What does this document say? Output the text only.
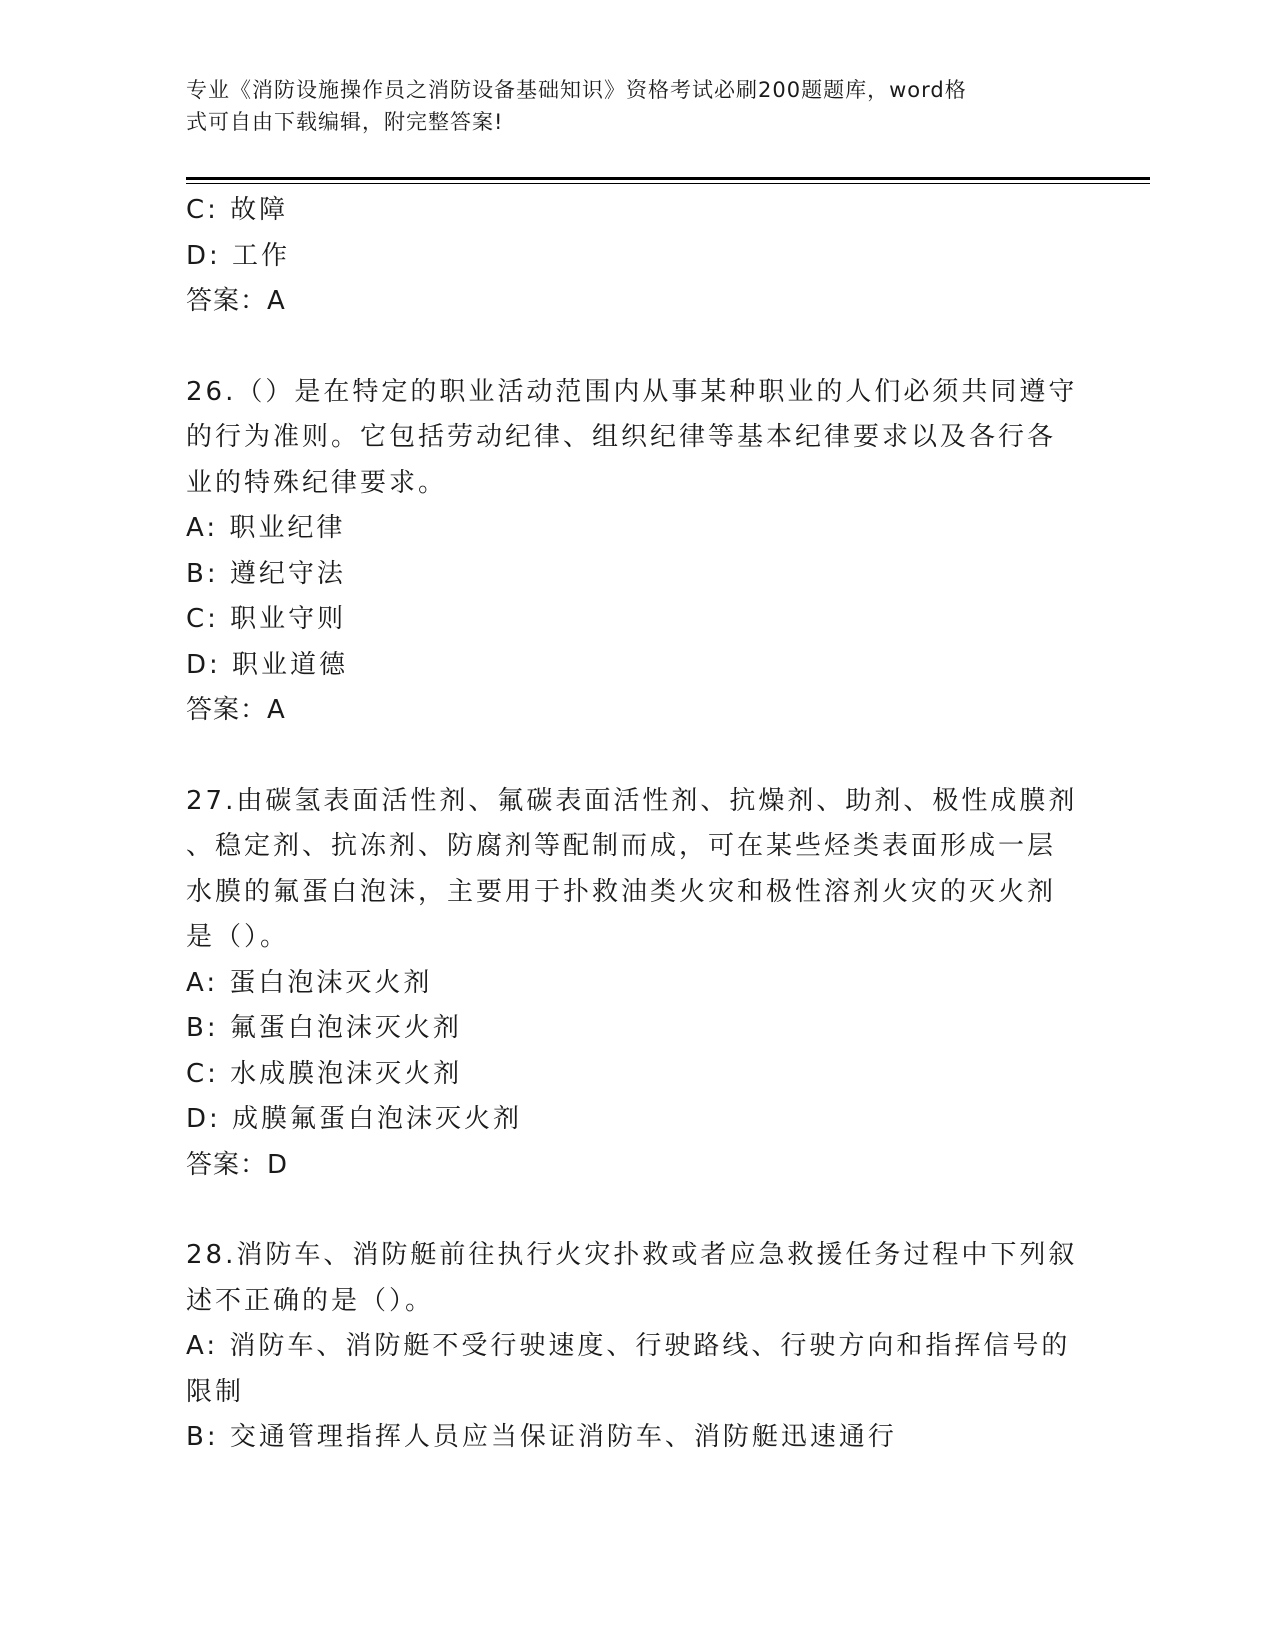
专业《消防设施操作员之消防设备基础知识》资格考试必刷200题题库，word格
式可自由下载编辑，附完整答案!

C: 故障

D: 工作

答案：A

26.（）是在特定的职业活动范围内从事某种职业的人们必须共同遵守

的行为准则。它包括劳动纪律、组织纪律等基本纪律要求以及各行各

业的特殊纪律要求。

A: 职业纪律

B: 遵纪守法

C: 职业守则

D: 职业道德

答案：A

27.由碳氢表面活性剂、氟碳表面活性剂、抗燥剂、助剂、极性成膜剂

、稳定剂、抗冻剂、防腐剂等配制而成，可在某些烃类表面形成一层

水膜的氟蛋白泡沫，主要用于扑救油类火灾和极性溶剂火灾的灭火剂

是（）。

A: 蛋白泡沫灭火剂

B: 氟蛋白泡沫灭火剂

C: 水成膜泡沫灭火剂

D: 成膜氟蛋白泡沫灭火剂

答案：D

28.消防车、消防艇前往执行火灾扑救或者应急救援任务过程中下列叙

述不正确的是（）。

A: 消防车、消防艇不受行驶速度、行驶路线、行驶方向和指挥信号的

限制

B: 交通管理指挥人员应当保证消防车、消防艇迅速通行
